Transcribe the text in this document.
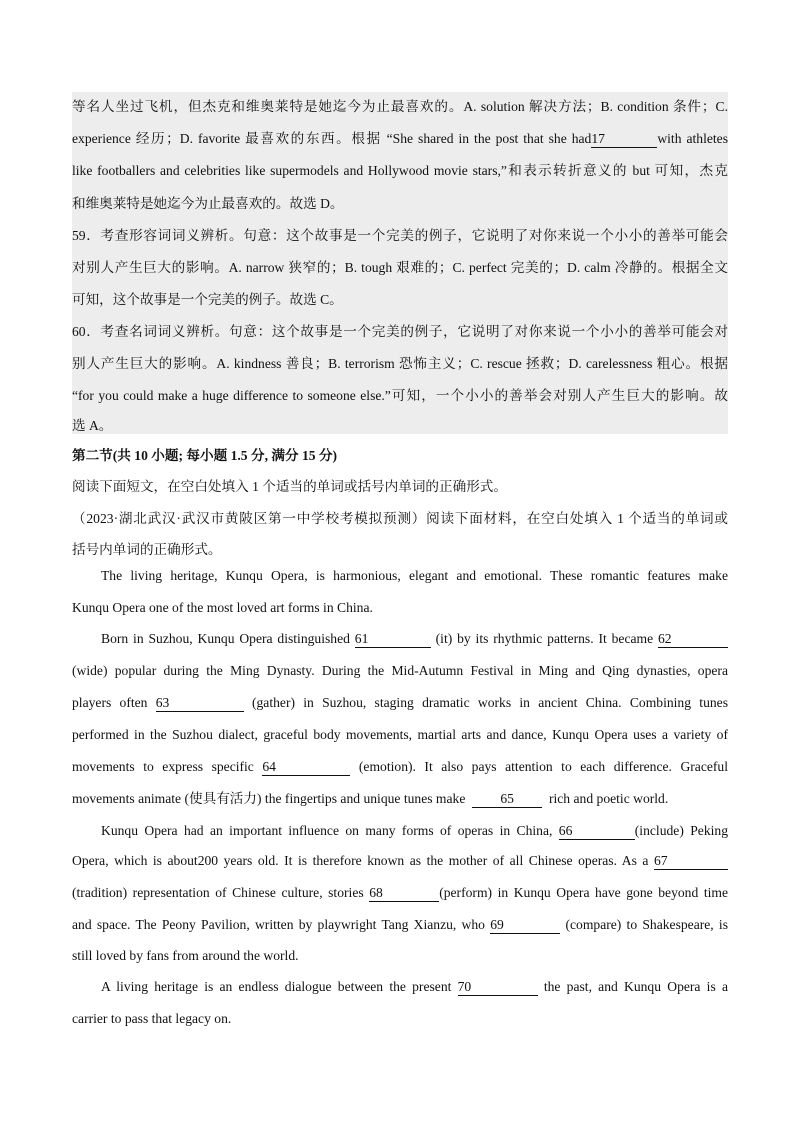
等名人坐过飞机，但杰克和维奥莱特是她迄今为止最喜欢的。A. solution 解决方法；B. condition 条件；C.
experience 经历；D. favorite 最喜欢的东西。根据 “She shared in the post that she had17	with athletes
like footballers and celebrities like supermodels and Hollywood movie stars,”和表示转折意义的 but 可知，杰克
和维奥莱特是她迄今为止最喜欢的。故选 D。
59．考查形容词词义辨析。句意：这个故事是一个完美的例子，它说明了对你来说一个小小的善举可能会
对别人产生巨大的影响。A. narrow 狭窄的；B. tough 艰难的；C. perfect 完美的；D. calm 冷静的。根据全文
可知，这个故事是一个完美的例子。故选 C。
60．考查名词词义辨析。句意：这个故事是一个完美的例子，它说明了对你来说一个小小的善举可能会对
别人产生巨大的影响。A. kindness 善良；B. terrorism 恐怖主义；C. rescue 拯救；D. carelessness 粗心。根据
“for you could make a huge difference to someone else.”可知，一个小小的善举会对别人产生巨大的影响。故
选 A。
第二节(共 10 小题; 每小题 1.5 分, 满分 15 分)
阅读下面短文，在空白处填入 1 个适当的单词或括号内单词的正确形式。
（2023·湖北武汉·武汉市黄陂区第一中学校考模拟预测）阅读下面材料，在空白处填入 1 个适当的单词或
括号内单词的正确形式。
The living heritage, Kunqu Opera, is harmonious, elegant and emotional. These romantic features make
Kunqu Opera one of the most loved art forms in China.
Born in Suzhou, Kunqu Opera distinguished 61	(it) by its rhythmic patterns. It became 62
(wide) popular during the Ming Dynasty. During the Mid-Autumn Festival in Ming and Qing dynasties, opera
players often 63	(gather) in Suzhou, staging dramatic works in ancient China. Combining tunes
performed in the Suzhou dialect, graceful body movements, martial arts and dance, Kunqu Opera uses a variety of
movements to express specific 64	(emotion). It also pays attention to each difference. Graceful
movements animate (使具有活力) the fingertips and unique tunes make	65	rich and poetic world.
Kunqu Opera had an important influence on many forms of operas in China, 66	(include) Peking
Opera, which is about200 years old. It is therefore known as the mother of all Chinese operas. As a 67
(tradition) representation of Chinese culture, stories 68	(perform) in Kunqu Opera have gone beyond time
and space. The Peony Pavilion, written by playwright Tang Xianzu, who 69	(compare) to Shakespeare, is
still loved by fans from around the world.
A living heritage is an endless dialogue between the present 70	the past, and Kunqu Opera is a
carrier to pass that legacy on.
